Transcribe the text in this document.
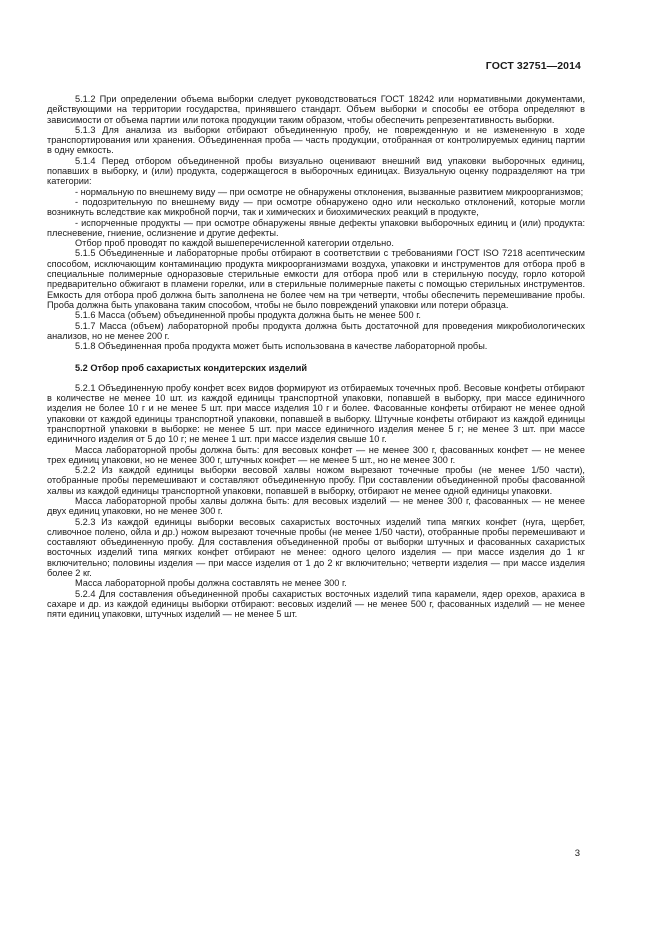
ГОСТ 32751—2014

5.1.2 При определении объема выборки следует руководствоваться ГОСТ 18242 или нормативными документами, действующими на территории государства, принявшего стандарт. Объем выборки и способы ее отбора определяют в зависимости от объема партии или потока продукции таким образом, чтобы обеспечить репрезентативность выборки.

5.1.3 Для анализа из выборки отбирают объединенную пробу, не поврежденную и не измененную в ходе транспортирования или хранения. Объединенная проба — часть продукции, отобранная от контролируемых единиц партии в одну емкость.

5.1.4 Перед отбором объединенной пробы визуально оценивают внешний вид упаковки выборочных единиц, попавших в выборку, и (или) продукта, содержащегося в выборочных единицах. Визуальную оценку подразделяют на три категории:

- нормальную по внешнему виду — при осмотре не обнаружены отклонения, вызванные развитием микроорганизмов;

- подозрительную по внешнему виду — при осмотре обнаружено одно или несколько отклонений, которые могли возникнуть вследствие как микробной порчи, так и химических и биохимических реакций в продукте,

- испорченные продукты — при осмотре обнаружены явные дефекты упаковки выборочных единиц и (или) продукта: плесневение, гниение, ослизнение и другие дефекты.

Отбор проб проводят по каждой вышеперечисленной категории отдельно.

5.1.5 Объединенные и лабораторные пробы отбирают в соответствии с требованиями ГОСТ ISO 7218 асептическим способом, исключающим контаминацию продукта микроорганизмами воздуха, упаковки и инструментов для отбора проб в специальные полимерные одноразовые стерильные емкости для отбора проб или в стерильную посуду, горло которой предварительно обжигают в пламени горелки, или в стерильные полимерные пакеты с помощью стерильных инструментов. Емкость для отбора проб должна быть заполнена не более чем на три четверти, чтобы обеспечить перемешивание пробы. Проба должна быть упакована таким способом, чтобы не было повреждений упаковки или потери образца.

5.1.6 Масса (объем) объединенной пробы продукта должна быть не менее 500 г.

5.1.7 Масса (объем) лабораторной пробы продукта должна быть достаточной для проведения микробиологических анализов, но не менее 200 г.

5.1.8 Объединенная проба продукта может быть использована в качестве лабораторной пробы.

5.2 Отбор проб сахаристых кондитерских изделий

5.2.1 Объединенную пробу конфет всех видов формируют из отбираемых точечных проб. Весовые конфеты отбирают в количестве не менее 10 шт. из каждой единицы транспортной упаковки, попавшей в выборку, при массе единичного изделия не более 10 г и не менее 5 шт. при массе изделия 10 г и более. Фасованные конфеты отбирают не менее одной упаковки от каждой единицы транспортной упаковки, попавшей в выборку. Штучные конфеты отбирают из каждой единицы транспортной упаковки в выборке: не менее 5 шт. при массе единичного изделия менее 5 г; не менее 3 шт. при массе единичного изделия от 5 до 10 г; не менее 1 шт. при массе изделия свыше 10 г.

Масса лабораторной пробы должна быть: для весовых конфет — не менее 300 г, фасованных конфет — не менее трех единиц упаковки, но не менее 300 г, штучных конфет — не менее 5 шт., но не менее 300 г.

5.2.2 Из каждой единицы выборки весовой халвы ножом вырезают точечные пробы (не менее 1/50 части), отобранные пробы перемешивают и составляют объединенную пробу. При составлении объединенной пробы фасованной халвы из каждой единицы транспортной упаковки, попавшей в выборку, отбирают не менее одной единицы упаковки.

Масса лабораторной пробы халвы должна быть: для весовых изделий — не менее 300 г, фасованных — не менее двух единиц упаковки, но не менее 300 г.

5.2.3 Из каждой единицы выборки весовых сахаристых восточных изделий типа мягких конфет (нуга, щербет, сливочное полено, ойла и др.) ножом вырезают точечные пробы (не менее 1/50 части), отобранные пробы перемешивают и составляют объединенную пробу. Для составления объединенной пробы от выборки штучных и фасованных сахаристых восточных изделий типа мягких конфет отбирают не менее: одного целого изделия — при массе изделия до 1 кг включительно; половины изделия — при массе изделия от 1 до 2 кг включительно; четверти изделия — при массе изделия более 2 кг.

Масса лабораторной пробы должна составлять не менее 300 г.

5.2.4 Для составления объединенной пробы сахаристых восточных изделий типа карамели, ядер орехов, арахиса в сахаре и др. из каждой единицы выборки отбирают: весовых изделий — не менее 500 г, фасованных изделий — не менее пяти единиц упаковки, штучных изделий — не менее 5 шт.

3
